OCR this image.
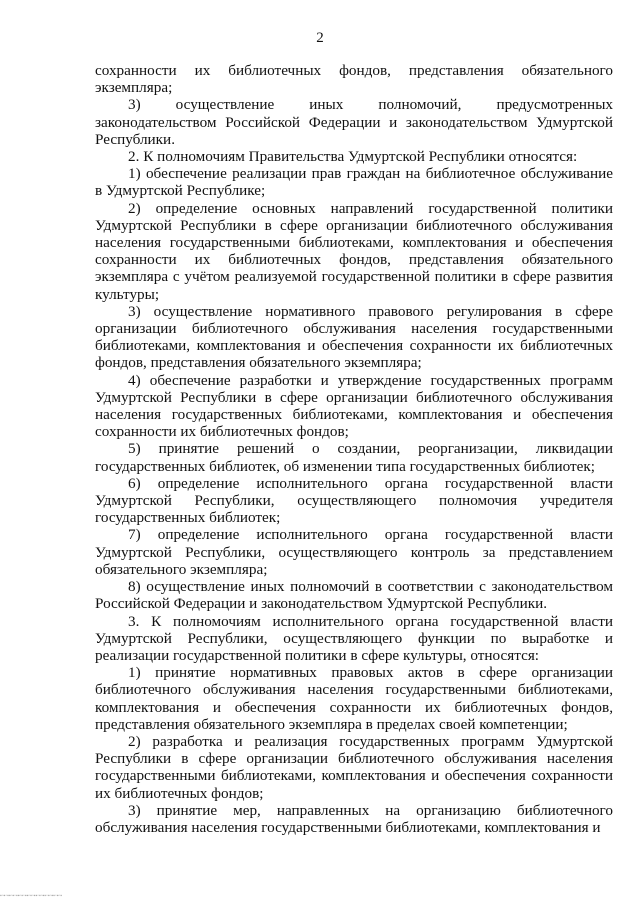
2

сохранности их библиотечных фондов, представления обязательного экземпляра;

3) осуществление иных полномочий, предусмотренных законодательством Российской Федерации и законодательством Удмуртской Республики.

2. К полномочиям Правительства Удмуртской Республики относятся:

1) обеспечение реализации прав граждан на библиотечное обслуживание в Удмуртской Республике;

2) определение основных направлений государственной политики Удмуртской Республики в сфере организации библиотечного обслуживания населения государственными библиотеками, комплектования и обеспечения сохранности их библиотечных фондов, представления обязательного экземпляра с учётом реализуемой государственной политики в сфере развития культуры;

3) осуществление нормативного правового регулирования в сфере организации библиотечного обслуживания населения государственными библиотеками, комплектования и обеспечения сохранности их библиотечных фондов, представления обязательного экземпляра;

4) обеспечение разработки и утверждение государственных программ Удмуртской Республики в сфере организации библиотечного обслуживания населения государственных библиотеками, комплектования и обеспечения сохранности их библиотечных фондов;

5) принятие решений о создании, реорганизации, ликвидации государственных библиотек, об изменении типа государственных библиотек;

6) определение исполнительного органа государственной власти Удмуртской Республики, осуществляющего полномочия учредителя государственных библиотек;

7) определение исполнительного органа государственной власти Удмуртской Республики, осуществляющего контроль за представлением обязательного экземпляра;

8) осуществление иных полномочий в соответствии с законодательством Российской Федерации и законодательством Удмуртской Республики.

3. К полномочиям исполнительного органа государственной власти Удмуртской Республики, осуществляющего функции по выработке и реализации государственной политики в сфере культуры, относятся:

1) принятие нормативных правовых актов в сфере организации библиотечного обслуживания населения государственными библиотеками, комплектования и обеспечения сохранности их библиотечных фондов, представления обязательного экземпляра в пределах своей компетенции;

2) разработка и реализация государственных программ Удмуртской Республики в сфере организации библиотечного обслуживания населения государственными библиотеками, комплектования и обеспечения сохранности их библиотечных фондов;

3) принятие мер, направленных на организацию библиотечного обслуживания населения государственными библиотеками, комплектования и

▪▫▪▫▪▪▫▪▫▪▪▫▪▫▪▪▫▪▫▪▪▫▪▫▪▪▫▪▫▪▪▫▪▫▪
